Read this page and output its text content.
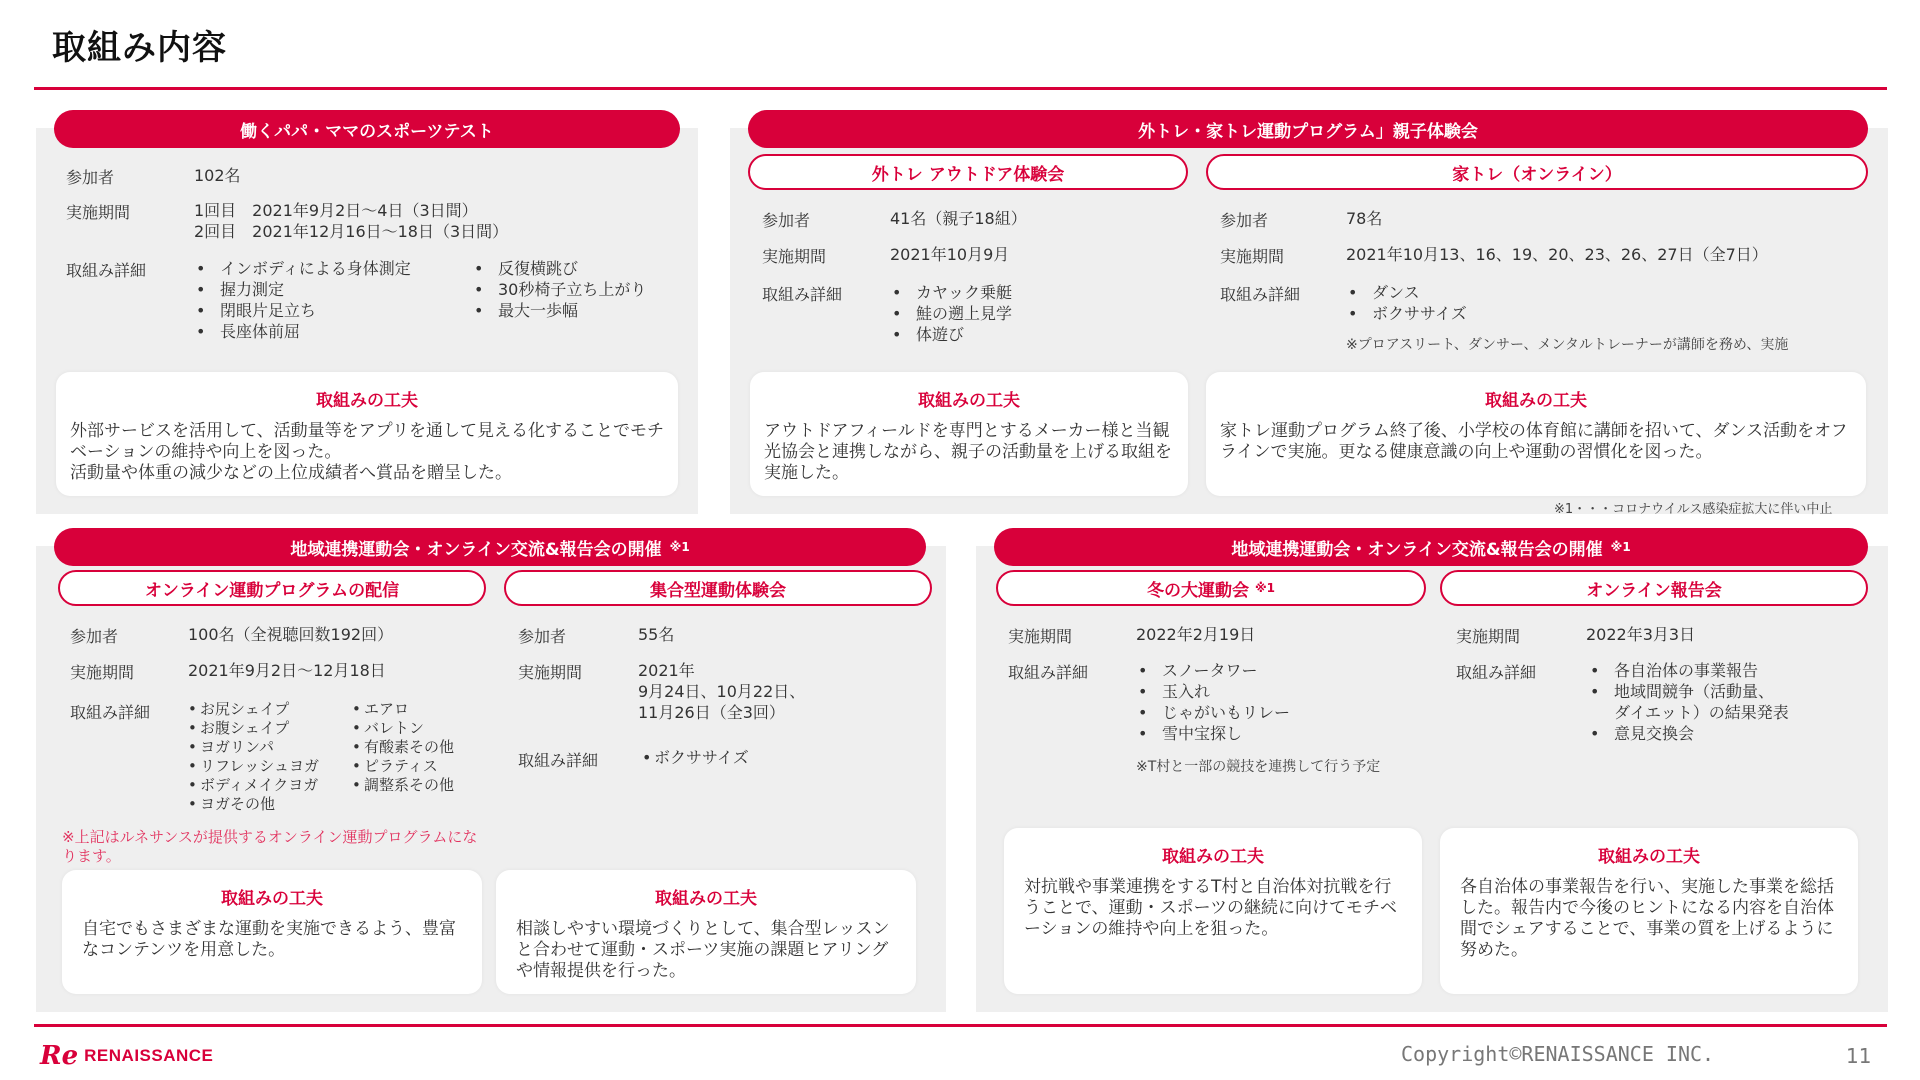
取組み内容
働くパパ・ママのスポーツテスト
参加者	102名
実施期間	1回目　2021年9月2日～4日（3日間）
2回目　2021年12月16日～18日（3日間）
取組み詳細	• インボディによる身体測定
• 握力測定
• 閉眼片足立ち
• 長座体前屈
• 反復横跳び
• 30秒椅子立ち上がり
• 最大一歩幅
取組みの工夫
外部サービスを活用して、活動量等をアプリを通して見える化することでモチベーションの維持や向上を図った。
活動量や体重の減少などの上位成績者へ賞品を贈呈した。
外トレ・家トレ運動プログラム」親子体験会
外トレ アウトドア体験会	家トレ（オンライン）
参加者	41名（親子18組）
実施期間	2021年10月9月
取組み詳細	• カヤック乗艇
• 鮭の遡上見学
• 体遊び
参加者	78名
実施期間	2021年10月13、16、19、20、23、26、27日（全7日）
取組み詳細	• ダンス
• ボクササイズ
※プロアスリート、ダンサー、メンタルトレーナーが講師を務め、実施
取組みの工夫
アウトドアフィールドを専門とするメーカー様と当観光協会と連携しながら、親子の活動量を上げる取組を実施した。
取組みの工夫
家トレ運動プログラム終了後、小学校の体育館に講師を招いて、ダンス活動をオフラインで実施。更なる健康意識の向上や運動の習慣化を図った。
※1・・・コロナウイルス感染症拡大に伴い中止
地域連携運動会・オンライン交流&報告会の開催 ※1
オンライン運動プログラムの配信	集合型運動体験会
参加者	100名（全視聴回数192回）
実施期間	2021年9月2日～12月18日
取組み詳細	• お尻シェイプ
• お腹シェイプ
• ヨガリンパ
• リフレッシュヨガ
• ボディメイクヨガ
• ヨガその他
• エアロ
• バレトン
• 有酸素その他
• ピラティス
• 調整系その他
※上記はルネサンスが提供するオンライン運動プログラムになります。
参加者	55名
実施期間	2021年
9月24日、10月22日、
11月26日（全3回）
取組み詳細	• ボクササイズ
取組みの工夫
自宅でもさまざまな運動を実施できるよう、豊富なコンテンツを用意した。
取組みの工夫
相談しやすい環境づくりとして、集合型レッスンと合わせて運動・スポーツ実施の課題ヒアリングや情報提供を行った。
地域連携運動会・オンライン交流&報告会の開催 ※1
冬の大運動会 ※1	オンライン報告会
実施期間	2022年2月19日
取組み詳細	• スノータワー
• 玉入れ
• じゃがいもリレー
• 雪中宝探し
※T村と一部の競技を連携して行う予定
実施期間	2022年3月3日
取組み詳細	• 各自治体の事業報告
• 地域間競争（活動量、
ダイエット）の結果発表
• 意見交換会
取組みの工夫
対抗戦や事業連携をするT村と自治体対抗戦を行うことで、運動・スポーツの継続に向けてモチベーションの維持や向上を狙った。
取組みの工夫
各自治体の事業報告を行い、実施した事業を総括した。報告内で今後のヒントになる内容を自治体間でシェアすることで、事業の質を上げるように努めた。
Re RENAISSANCE	Copyright©RENAISSANCE INC.	11
